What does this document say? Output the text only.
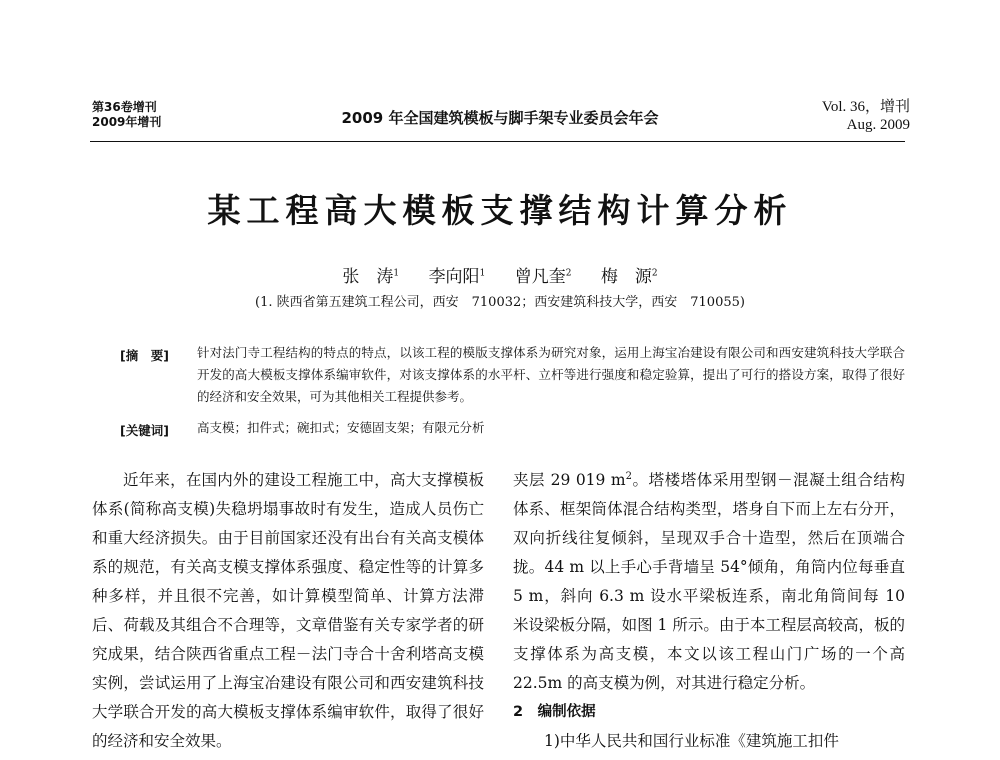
第36卷增刊
2009年增刊	2009 年全国建筑模板与脚手架专业委员会年会
Vol. 36，增刊
Aug. 2009
某工程高大模板支撑结构计算分析
张　涛$^1$ 李向阳$^1$ 曾凡奎$^2$ 梅　源$^2$
(1. 陕西省第五建筑工程公司，西安　710032；西安建筑科技大学，西安　710055)
[摘　要] 针对法门寺工程结构的特点的特点，以该工程的模版支撑体系为研究对象，运用上海宝冶建设有限公司和西安建筑科技大学联合开发的高大模板支撑体系编审软件，对该支撑体系的水平杆、立杆等进行强度和稳定验算，提出了可行的搭设方案，取得了很好的经济和安全效果，可为其他相关工程提供参考。
[关键词] 高支模；扣件式；碗扣式；安德固支架；有限元分析

近年来，在国内外的建设工程施工中，高大支撑模板体系(简称高支模)失稳坍塌事故时有发生，造成人员伤亡和重大经济损失。由于目前国家还没有出台有关高支模体系的规范，有关高支模支撑体系强度、稳定性等的计算多种多样，并且很不完善，如计算模型简单、计算方法滞后、荷载及其组合不合理等，文章借鉴有关专家学者的研究成果，结合陕西省重点工程－法门寺合十舍利塔高支模实例，尝试运用了上海宝冶建设有限公司和西安建筑科技大学联合开发的高大模板支撑体系编审软件，取得了很好的经济和安全效果。

夹层 29 019 $m^2$。塔楼塔体采用型钢－混凝土组合结构体系、框架筒体混合结构类型，塔身自下而上左右分开，双向折线往复倾斜，呈现双手合十造型，然后在顶端合拢。44 m 以上手心手背墙呈 54°倾角，角筒内位每垂直 5 m，斜向 6.3 m 设水平梁板连系，南北角筒间每 10 米设梁板分隔，如图 1 所示。由于本工程层高较高，板的支撑体系为高支模，本文以该工程山门广场的一个高 22.5m 的高支模为例，对其进行稳定分析。

2　编制依据

1)中华人民共和国行业标准《建筑施工扣件
